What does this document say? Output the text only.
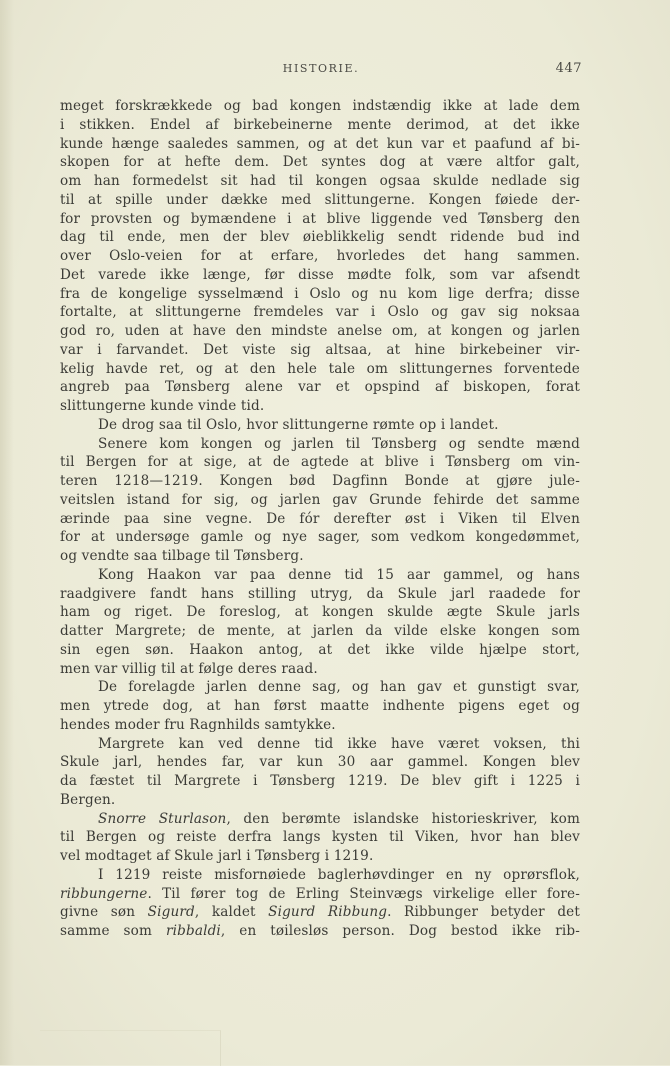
HISTORIE.	447
meget forskrækkede og bad kongen indstændig ikke at lade dem
i stikken. Endel af birkebeinerne mente derimod, at det ikke
kunde hænge saaledes sammen, og at det kun var et paafund af bi-
skopen for at hefte dem. Det syntes dog at være altfor galt,
om han formedelst sit had til kongen ogsaa skulde nedlade sig
til at spille under dække med slittungerne. Kongen føiede der-
for provsten og bymændene i at blive liggende ved Tønsberg den
dag til ende, men der blev øieblikkelig sendt ridende bud ind
over Oslo-veien for at erfare, hvorledes det hang sammen.
Det varede ikke længe, før disse mødte folk, som var afsendt
fra de kongelige sysselmænd i Oslo og nu kom lige derfra; disse
fortalte, at slittungerne fremdeles var i Oslo og gav sig noksaa
god ro, uden at have den mindste anelse om, at kongen og jarlen
var i farvandet. Det viste sig altsaa, at hine birkebeiner vir-
kelig havde ret, og at den hele tale om slittungernes forventede
angreb paa Tønsberg alene var et opspind af biskopen, forat
slittungerne kunde vinde tid.
De drog saa til Oslo, hvor slittungerne rømte op i landet.
Senere kom kongen og jarlen til Tønsberg og sendte mænd
til Bergen for at sige, at de agtede at blive i Tønsberg om vin-
teren 1218—1219. Kongen bød Dagfinn Bonde at gjøre jule-
veitslen istand for sig, og jarlen gav Grunde fehirde det samme
ærinde paa sine vegne. De fór derefter øst i Viken til Elven
for at undersøge gamle og nye sager, som vedkom kongedømmet,
og vendte saa tilbage til Tønsberg.
Kong Haakon var paa denne tid 15 aar gammel, og hans
raadgivere fandt hans stilling utryg, da Skule jarl raadede for
ham og riget. De foreslog, at kongen skulde ægte Skule jarls
datter Margrete; de mente, at jarlen da vilde elske kongen som
sin egen søn. Haakon antog, at det ikke vilde hjælpe stort,
men var villig til at følge deres raad.
De forelagde jarlen denne sag, og han gav et gunstigt svar,
men ytrede dog, at han først maatte indhente pigens eget og
hendes moder fru Ragnhilds samtykke.
Margrete kan ved denne tid ikke have været voksen, thi
Skule jarl, hendes far, var kun 30 aar gammel. Kongen blev
da fæstet til Margrete i Tønsberg 1219. De blev gift i 1225 i
Bergen.
Snorre Sturlason, den berømte islandske historieskriver, kom
til Bergen og reiste derfra langs kysten til Viken, hvor han blev
vel modtaget af Skule jarl i Tønsberg i 1219.
I 1219 reiste misfornøiede baglerhøvdinger en ny oprørsflok,
ribbungerne. Til fører tog de Erling Steinvægs virkelige eller fore-
givne søn Sigurd, kaldet Sigurd Ribbung. Ribbunger betyder det
samme som ribbaldi, en tøilesløs person. Dog bestod ikke rib-
